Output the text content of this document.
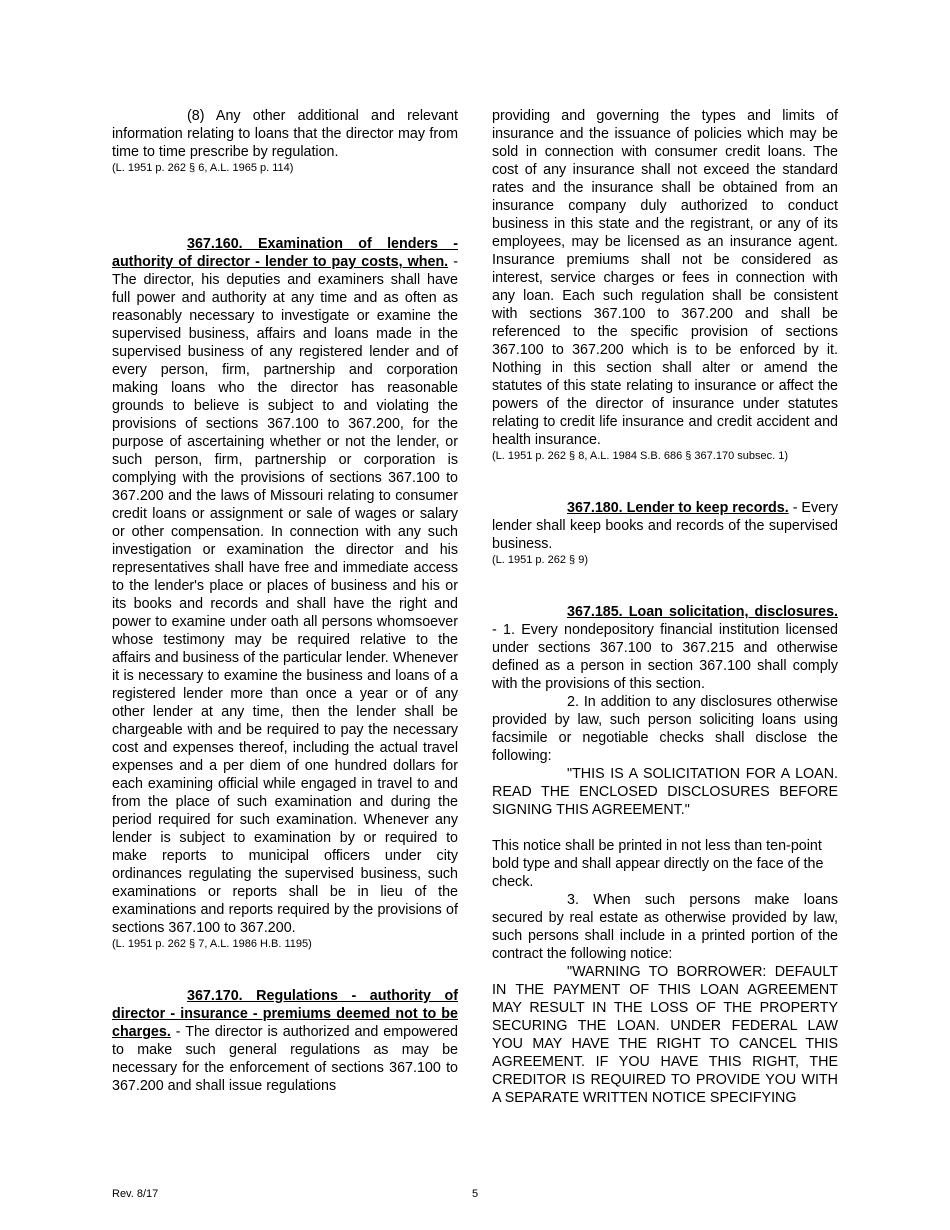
(8) Any other additional and relevant information relating to loans that the director may from time to time prescribe by regulation.

(L. 1951 p. 262 § 6, A.L. 1965 p. 114)

367.160. Examination of lenders - authority of director - lender to pay costs, when. - The director, his deputies and examiners shall have full power and authority at any time and as often as reasonably necessary to investigate or examine the supervised business, affairs and loans made in the supervised business of any registered lender and of every person, firm, partnership and corporation making loans who the director has reasonable grounds to believe is subject to and violating the provisions of sections 367.100 to 367.200, for the purpose of ascertaining whether or not the lender, or such person, firm, partnership or corporation is complying with the provisions of sections 367.100 to 367.200 and the laws of Missouri relating to consumer credit loans or assignment or sale of wages or salary or other compensation. In connection with any such investigation or examination the director and his representatives shall have free and immediate access to the lender's place or places of business and his or its books and records and shall have the right and power to examine under oath all persons whomsoever whose testimony may be required relative to the affairs and business of the particular lender. Whenever it is necessary to examine the business and loans of a registered lender more than once a year or of any other lender at any time, then the lender shall be chargeable with and be required to pay the necessary cost and expenses thereof, including the actual travel expenses and a per diem of one hundred dollars for each examining official while engaged in travel to and from the place of such examination and during the period required for such examination. Whenever any lender is subject to examination by or required to make reports to municipal officers under city ordinances regulating the supervised business, such examinations or reports shall be in lieu of the examinations and reports required by the provisions of sections 367.100 to 367.200.

(L. 1951 p. 262 § 7, A.L. 1986 H.B. 1195)

367.170. Regulations - authority of director - insurance - premiums deemed not to be charges. - The director is authorized and empowered to make such general regulations as may be necessary for the enforcement of sections 367.100 to 367.200 and shall issue regulations

providing and governing the types and limits of insurance and the issuance of policies which may be sold in connection with consumer credit loans. The cost of any insurance shall not exceed the standard rates and the insurance shall be obtained from an insurance company duly authorized to conduct business in this state and the registrant, or any of its employees, may be licensed as an insurance agent. Insurance premiums shall not be considered as interest, service charges or fees in connection with any loan. Each such regulation shall be consistent with sections 367.100 to 367.200 and shall be referenced to the specific provision of sections 367.100 to 367.200 which is to be enforced by it. Nothing in this section shall alter or amend the statutes of this state relating to insurance or affect the powers of the director of insurance under statutes relating to credit life insurance and credit accident and health insurance.

(L. 1951 p. 262 § 8, A.L. 1984 S.B. 686 § 367.170 subsec. 1)

367.180. Lender to keep records. - Every lender shall keep books and records of the supervised business.

(L. 1951 p. 262 § 9)

367.185. Loan solicitation, disclosures. - 1. Every nondepository financial institution licensed under sections 367.100 to 367.215 and otherwise defined as a person in section 367.100 shall comply with the provisions of this section.

2. In addition to any disclosures otherwise provided by law, such person soliciting loans using facsimile or negotiable checks shall disclose the following:

"THIS IS A SOLICITATION FOR A LOAN. READ THE ENCLOSED DISCLOSURES BEFORE SIGNING THIS AGREEMENT."

This notice shall be printed in not less than ten-point bold type and shall appear directly on the face of the check.

3. When such persons make loans secured by real estate as otherwise provided by law, such persons shall include in a printed portion of the contract the following notice:

"WARNING TO BORROWER: DEFAULT IN THE PAYMENT OF THIS LOAN AGREEMENT MAY RESULT IN THE LOSS OF THE PROPERTY SECURING THE LOAN. UNDER FEDERAL LAW YOU MAY HAVE THE RIGHT TO CANCEL THIS AGREEMENT. IF YOU HAVE THIS RIGHT, THE CREDITOR IS REQUIRED TO PROVIDE YOU WITH A SEPARATE WRITTEN NOTICE SPECIFYING

Rev. 8/17	5
